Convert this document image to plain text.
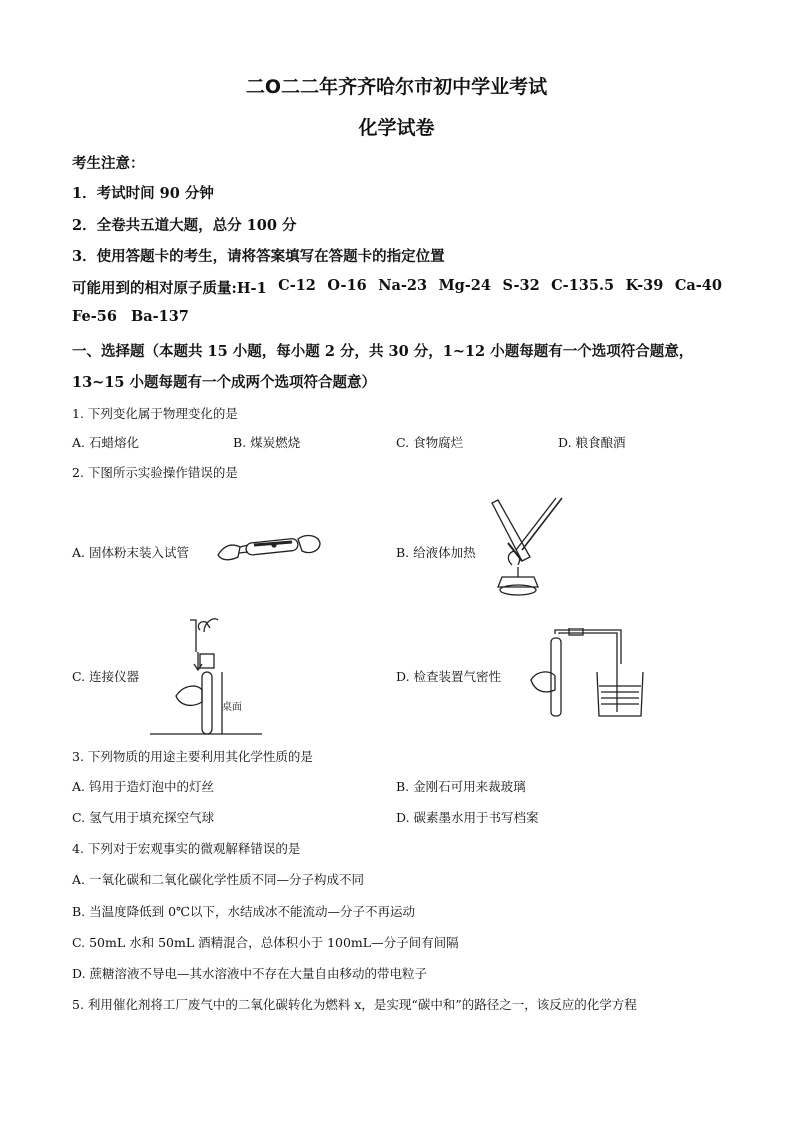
二O二二年齐齐哈尔市初中学业考试
化学试卷
考生注意：
1．考试时间 90 分钟
2．全卷共五道大题，总分 100 分
3．使用答题卡的考生，请将答案填写在答题卡的指定位置
可能用到的相对原子质量:H-1 C-12 O-16 Na-23 Mg-24 S-32 C-135.5 K-39 Ca-40
Fe-56 Ba-137
一、选择题（本题共 15 小题，每小题 2 分，共 30 分，1~12 小题每题有一个选项符合题意，
13~15 小题每题有一个成两个选项符合题意）
1. 下列变化属于物理变化的是
A. 石蜡熔化	B. 煤炭燃烧	C. 食物腐烂	D. 粮食酿酒
2. 下图所示实验操作错误的是
A. 固体粉末装入试管	B. 给液体加热
C. 连接仪器	D. 检查装置气密性
桌面
3. 下列物质的用途主要利用其化学性质的是
A. 钨用于造灯泡中的灯丝	B. 金刚石可用来裁玻璃
C. 氢气用于填充探空气球	D. 碳素墨水用于书写档案
4. 下列对于宏观事实的微观解释错误的是
A. 一氧化碳和二氧化碳化学性质不同—分子构成不同
B. 当温度降低到 0℃以下，水结成冰不能流动—分子不再运动
C. 50mL 水和 50mL 酒精混合，总体积小于 100mL—分子间有间隔
D. 蔗糖溶液不导电—其水溶液中不存在大量自由移动的带电粒子
5. 利用催化剂将工厂废气中的二氧化碳转化为燃料 x，是实现“碳中和”的路径之一，该反应的化学方程
